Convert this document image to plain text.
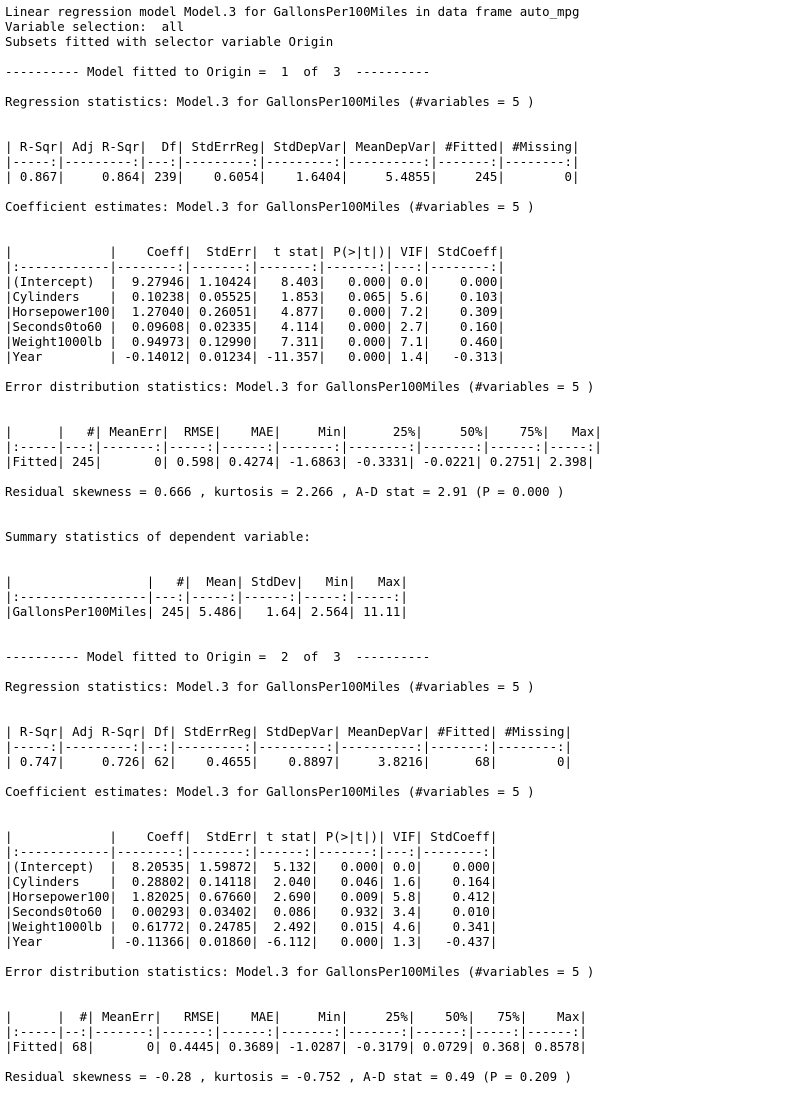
Linear regression model Model.3 for GallonsPer100Miles in data frame auto_mpg
Variable selection:  all
Subsets fitted with selector variable Origin
---------- Model fitted to Origin =  1  of  3  ----------
Regression statistics: Model.3 for GallonsPer100Miles (#variables = 5 )
| R-Sqr| Adj R-Sqr|  Df| StdErrReg| StdDepVar| MeanDepVar| #Fitted| #Missing|
|-----:|---------:|---:|---------:|---------:|----------:|-------:|--------:|
| 0.867|     0.864| 239|    0.6054|    1.6404|     5.4855|     245|        0|
Coefficient estimates: Model.3 for GallonsPer100Miles (#variables = 5 )
|             |    Coeff|  StdErr|  t stat| P(>|t|)| VIF| StdCoeff|
|:------------|--------:|-------:|-------:|-------:|---:|--------:|
|(Intercept)  |  9.27946| 1.10424|   8.403|   0.000| 0.0|    0.000|
|Cylinders    |  0.10238| 0.05525|   1.853|   0.065| 5.6|    0.103|
|Horsepower100|  1.27040| 0.26051|   4.877|   0.000| 7.2|    0.309|
|Seconds0to60 |  0.09608| 0.02335|   4.114|   0.000| 2.7|    0.160|
|Weight1000lb |  0.94973| 0.12990|   7.311|   0.000| 7.1|    0.460|
|Year         | -0.14012| 0.01234| -11.357|   0.000| 1.4|   -0.313|
Error distribution statistics: Model.3 for GallonsPer100Miles (#variables = 5 )
|      |   #| MeanErr|  RMSE|    MAE|     Min|      25%|     50%|    75%|   Max|
|:-----|---:|-------:|-----:|------:|-------:|--------:|-------:|------:|-----:|
|Fitted| 245|       0| 0.598| 0.4274| -1.6863| -0.3331| -0.0221| 0.2751| 2.398|
Residual skewness = 0.666 , kurtosis = 2.266 , A-D stat = 2.91 (P = 0.000 )
Summary statistics of dependent variable:
|                  |   #|  Mean| StdDev|   Min|   Max|
|:-----------------|---:|-----:|------:|-----:|-----:|
|GallonsPer100Miles| 245| 5.486|   1.64| 2.564| 11.11|
---------- Model fitted to Origin =  2  of  3  ----------
Regression statistics: Model.3 for GallonsPer100Miles (#variables = 5 )
| R-Sqr| Adj R-Sqr| Df| StdErrReg| StdDepVar| MeanDepVar| #Fitted| #Missing|
|-----:|---------:|--:|---------:|---------:|----------:|-------:|--------:|
| 0.747|     0.726| 62|    0.4655|    0.8897|     3.8216|      68|        0|
Coefficient estimates: Model.3 for GallonsPer100Miles (#variables = 5 )
|             |    Coeff|  StdErr| t stat| P(>|t|)| VIF| StdCoeff|
|:------------|--------:|-------:|------:|-------:|---:|--------:|
|(Intercept)  |  8.20535| 1.59872|  5.132|   0.000| 0.0|    0.000|
|Cylinders    |  0.28802| 0.14118|  2.040|   0.046| 1.6|    0.164|
|Horsepower100|  1.82025| 0.67660|  2.690|   0.009| 5.8|    0.412|
|Seconds0to60 |  0.00293| 0.03402|  0.086|   0.932| 3.4|    0.010|
|Weight1000lb |  0.61772| 0.24785|  2.492|   0.015| 4.6|    0.341|
|Year         | -0.11366| 0.01860| -6.112|   0.000| 1.3|   -0.437|
Error distribution statistics: Model.3 for GallonsPer100Miles (#variables = 5 )
|      |  #| MeanErr|   RMSE|    MAE|     Min|     25%|    50%|   75%|    Max|
|:-----|--:|-------:|------:|------:|-------:|-------:|------:|-----:|------:|
|Fitted| 68|       0| 0.4445| 0.3689| -1.0287| -0.3179| 0.0729| 0.368| 0.8578|
Residual skewness = -0.28 , kurtosis = -0.752 , A-D stat = 0.49 (P = 0.209 )
